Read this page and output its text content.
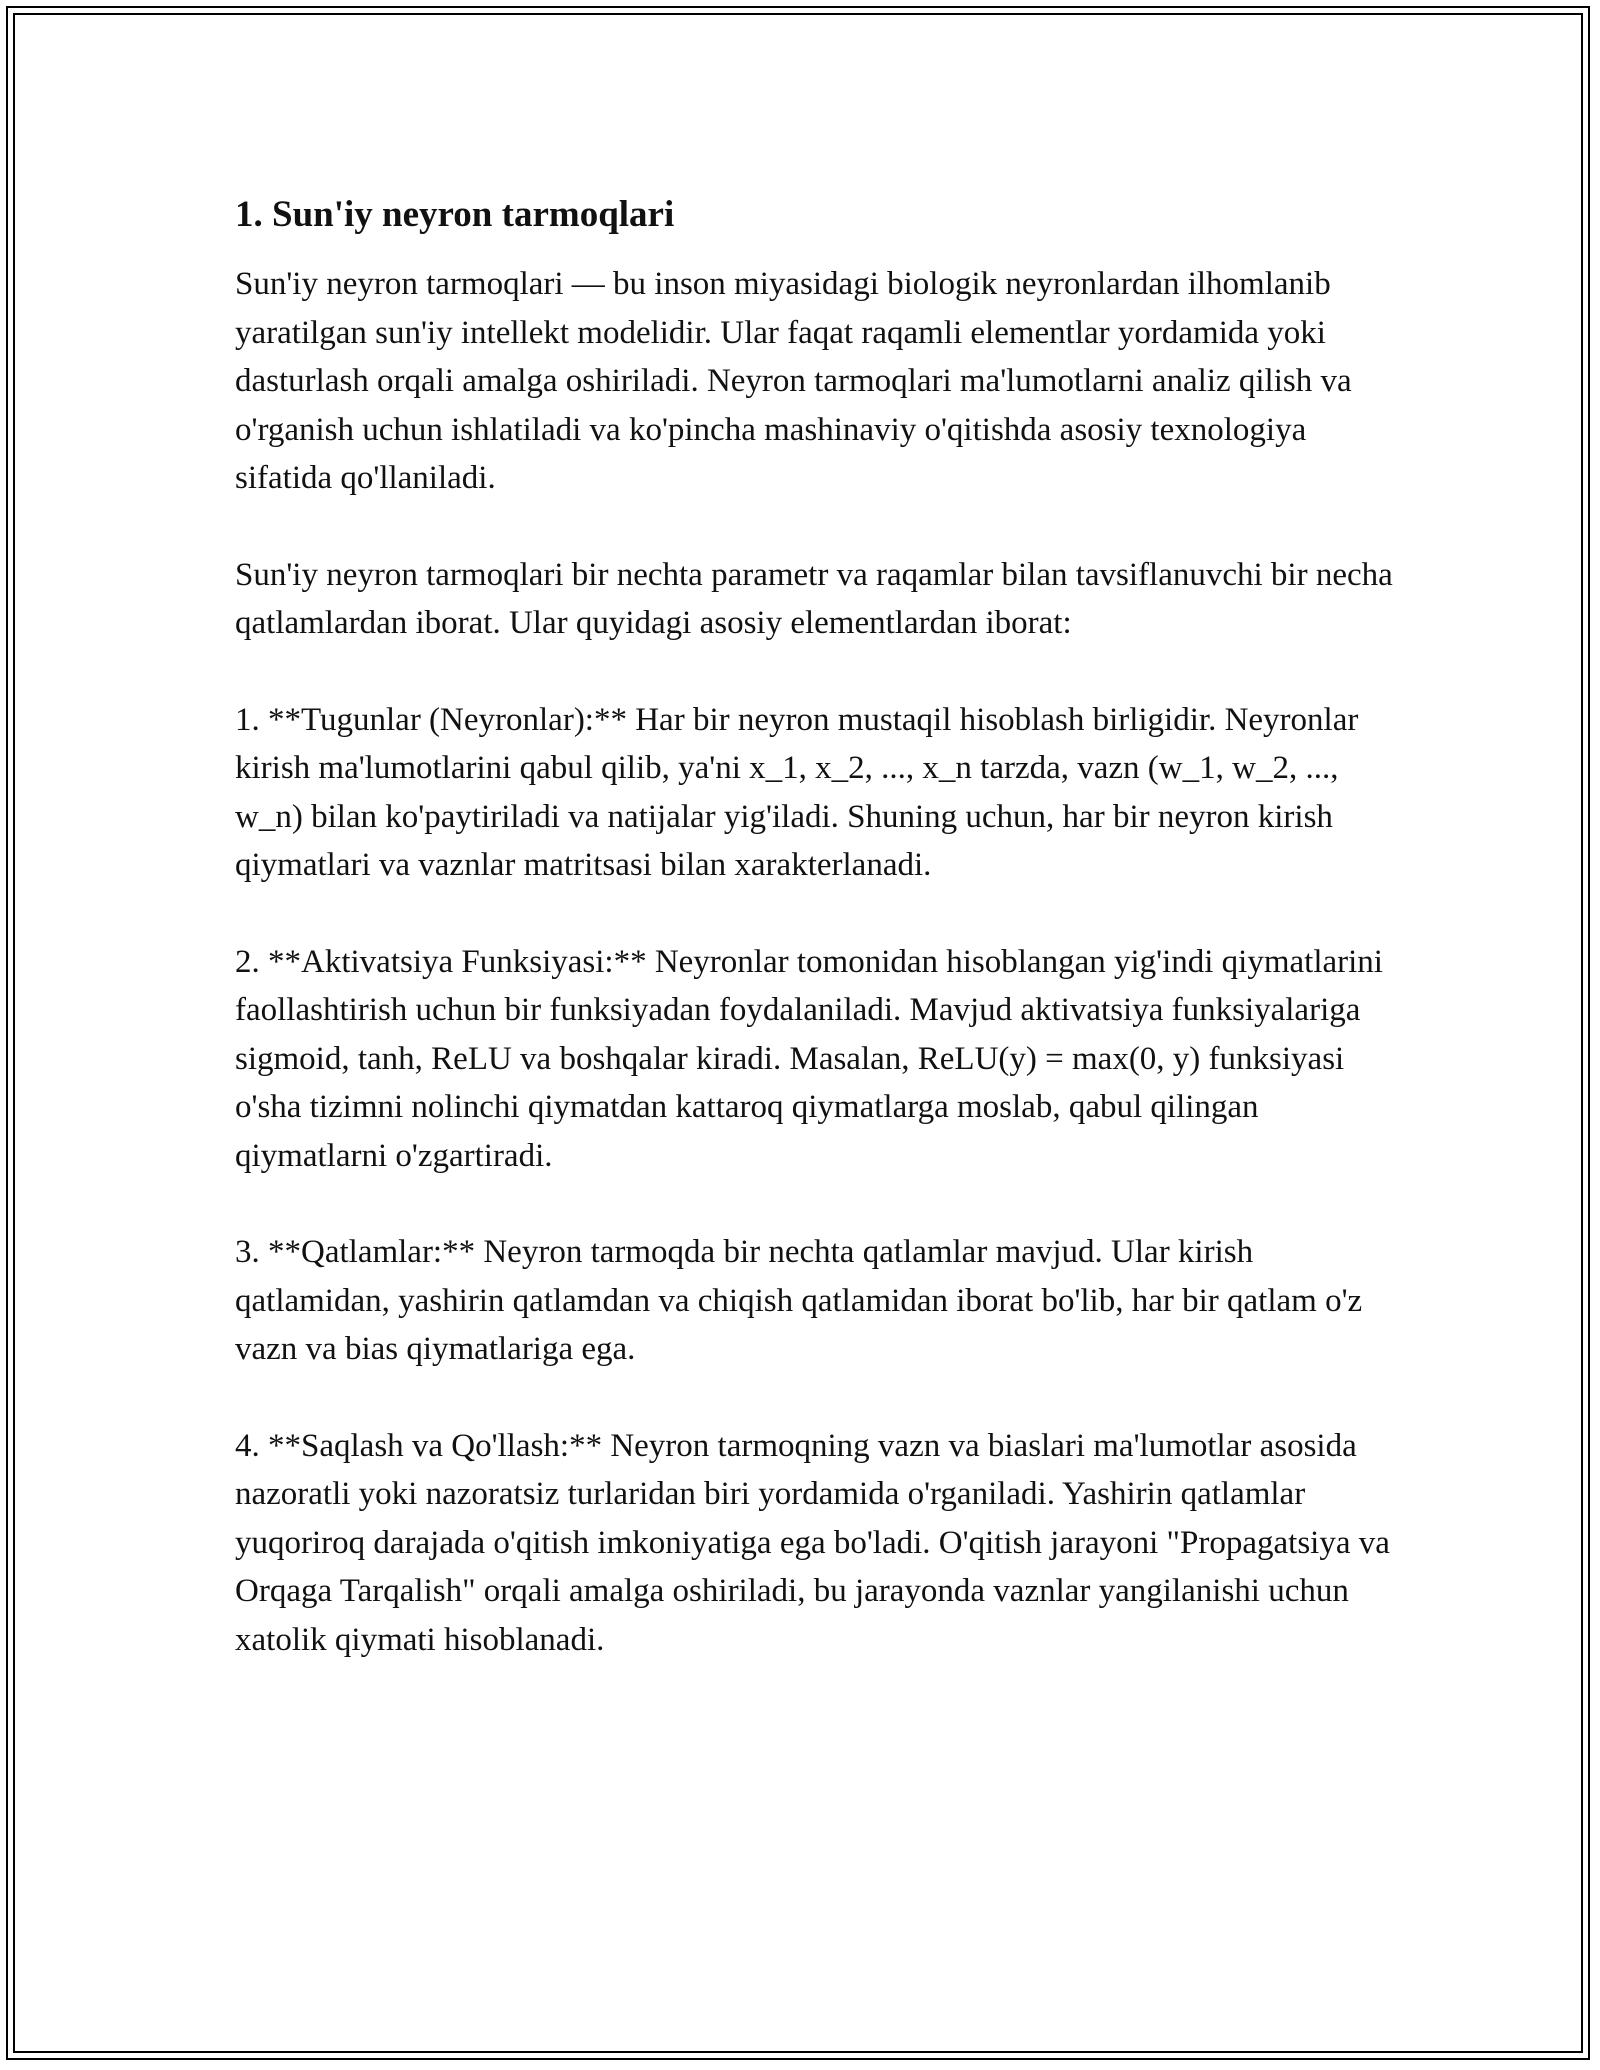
1. Sun'iy neyron tarmoqlari

Sun'iy neyron tarmoqlari — bu inson miyasidagi biologik neyronlardan ilhomlanib yaratilgan sun'iy intellekt modelidir. Ular faqat raqamli elementlar yordamida yoki dasturlash orqali amalga oshiriladi. Neyron tarmoqlari ma'lumotlarni analiz qilish va o'rganish uchun ishlatiladi va ko'pincha mashinaviy o'qitishda asosiy texnologiya sifatida qo'llaniladi.

Sun'iy neyron tarmoqlari bir nechta parametr va raqamlar bilan tavsiflanuvchi bir necha qatlamlardan iborat. Ular quyidagi asosiy elementlardan iborat:

1. **Tugunlar (Neyronlar):** Har bir neyron mustaqil hisoblash birligidir. Neyronlar kirish ma'lumotlarini qabul qilib, ya'ni x_1, x_2, ..., x_n tarzda, vazn (w_1, w_2, ..., w_n) bilan ko'paytiriladi va natijalar yig'iladi. Shuning uchun, har bir neyron kirish qiymatlari va vaznlar matritsasi bilan xarakterlanadi.

2. **Aktivatsiya Funksiyasi:** Neyronlar tomonidan hisoblangan yig'indi qiymatlarini faollashtirish uchun bir funksiyadan foydalaniladi. Mavjud aktivatsiya funksiyalariga sigmoid, tanh, ReLU va boshqalar kiradi. Masalan, ReLU(y) = max(0, y) funksiyasi o'sha tizimni nolinchi qiymatdan kattaroq qiymatlarga moslab, qabul qilingan qiymatlarni o'zgartiradi.

3. **Qatlamlar:** Neyron tarmoqda bir nechta qatlamlar mavjud. Ular kirish qatlamidan, yashirin qatlamdan va chiqish qatlamidan iborat bo'lib, har bir qatlam o'z vazn va bias qiymatlariga ega.

4. **Saqlash va Qo'llash:** Neyron tarmoqning vazn va biaslari ma'lumotlar asosida nazoratli yoki nazoratsiz turlaridan biri yordamida o'rganiladi. Yashirin qatlamlar yuqoriroq darajada o'qitish imkoniyatiga ega bo'ladi. O'qitish jarayoni "Propagatsiya va Orqaga Tarqalish" orqali amalga oshiriladi, bu jarayonda vaznlar yangilanishi uchun xatolik qiymati hisoblanadi.
